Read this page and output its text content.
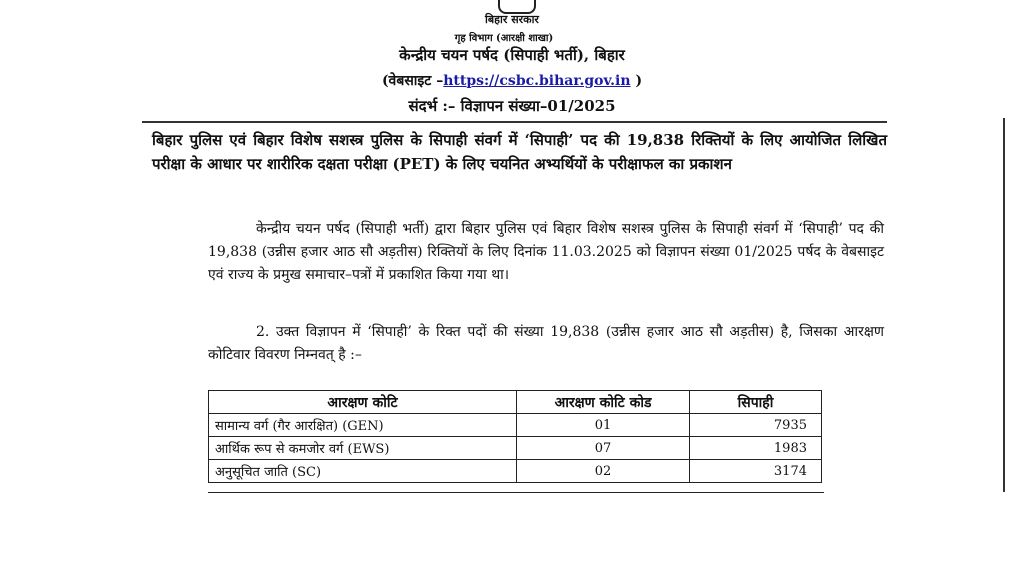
बिहार सरकार
गृह विभाग (आरक्षी शाखा)
केन्द्रीय चयन पर्षद (सिपाही भर्ती), बिहार
(वेबसाइट –https://csbc.bihar.gov.in )
संदर्भ :– विज्ञापन संख्या–01/2025
बिहार पुलिस एवं बिहार विशेष सशस्त्र पुलिस के सिपाही संवर्ग में ‘सिपाही’ पद की 19,838 रिक्तियों के लिए आयोजित लिखित परीक्षा के आधार पर शारीरिक दक्षता परीक्षा (PET) के लिए चयनित अभ्यर्थियों के परीक्षाफल का प्रकाशन
केन्द्रीय चयन पर्षद (सिपाही भर्ती) द्वारा बिहार पुलिस एवं बिहार विशेष सशस्त्र पुलिस के सिपाही संवर्ग में ‘सिपाही’ पद की 19,838 (उन्नीस हजार आठ सौ अड़तीस) रिक्तियों के लिए दिनांक 11.03.2025 को विज्ञापन संख्या 01/2025 पर्षद के वेबसाइट एवं राज्य के प्रमुख समाचार–पत्रों में प्रकाशित किया गया था।
2. उक्त विज्ञापन में ‘सिपाही’ के रिक्त पदों की संख्या 19,838 (उन्नीस हजार आठ सौ अड़तीस) है, जिसका आरक्षण कोटिवार विवरण निम्नवत् है :–
आरक्षण कोटि	आरक्षण कोटि कोड	सिपाही
सामान्य वर्ग (गैर आरक्षित) (GEN)	01	7935
आर्थिक रूप से कमजोर वर्ग (EWS)	07	1983
अनुसूचित जाति (SC)	02	3174
